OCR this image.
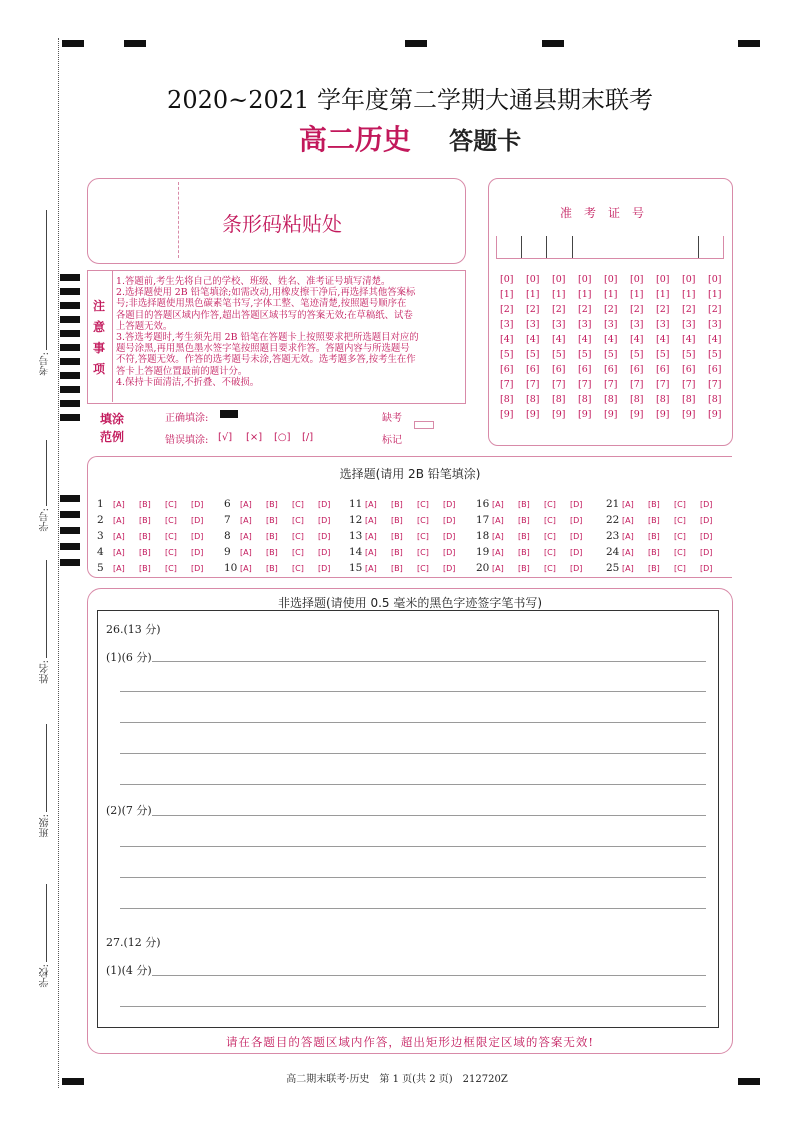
考号:
学号:
姓名:
班级:
学校:
2020~2021 学年度第二学期大通县期末联考
高二历史 答题卡
条形码粘贴处	准　考　证　号
[0] [0] [0] [0] [0] [0] [0] [0] [0]
[1] [1] [1] [1] [1] [1] [1] [1] [1]
[2] [2] [2] [2] [2] [2] [2] [2] [2]
[3] [3] [3] [3] [3] [3] [3] [3] [3]
[4] [4] [4] [4] [4] [4] [4] [4] [4]
[5] [5] [5] [5] [5] [5] [5] [5] [5]
[6] [6] [6] [6] [6] [6] [6] [6] [6]
[7] [7] [7] [7] [7] [7] [7] [7] [7]
[8] [8] [8] [8] [8] [8] [8] [8] [8]
[9] [9] [9] [9] [9] [9] [9] [9] [9]
注
意
事
项
1.答题前,考生先将自己的学校、班级、姓名、准考证号填写清楚。
2.选择题使用 2B 铅笔填涂;如需改动,用橡皮擦干净后,再选择其他答案标
号;非选择题使用黑色碳素笔书写,字体工整、笔迹清楚,按照题号顺序在
各题目的答题区域内作答,超出答题区域书写的答案无效;在草稿纸、试卷
上答题无效。
3.答选考题时,考生须先用 2B 铅笔在答题卡上按照要求把所选题目对应的
题号涂黑,再用黑色墨水签字笔按照题目要求作答。答题内容与所选题号
不符,答题无效。作答的选考题号未涂,答题无效。选考题多答,按考生在作
答卡上答题位置最前的题计分。
4.保持卡面清洁,不折叠、不破损。
填涂
范例
正确填涂:
错误填涂: [√] [×] [○] [/]
缺考
标记
选择题(请用 2B 铅笔填涂)
1 [A] [B] [C] [D]	6 [A] [B] [C] [D]	11 [A] [B] [C] [D]	16 [A] [B] [C] [D]	21 [A] [B] [C] [D]
2 [A] [B] [C] [D]	7 [A] [B] [C] [D]	12 [A] [B] [C] [D]	17 [A] [B] [C] [D]	22 [A] [B] [C] [D]
3 [A] [B] [C] [D]	8 [A] [B] [C] [D]	13 [A] [B] [C] [D]	18 [A] [B] [C] [D]	23 [A] [B] [C] [D]
4 [A] [B] [C] [D]	9 [A] [B] [C] [D]	14 [A] [B] [C] [D]	19 [A] [B] [C] [D]	24 [A] [B] [C] [D]
5 [A] [B] [C] [D]	10 [A] [B] [C] [D]	15 [A] [B] [C] [D]	20 [A] [B] [C] [D]	25 [A] [B] [C] [D]
非选择题(请使用 0.5 毫米的黑色字迹签字笔书写)
26.(13 分)
(1)(6 分)
(2)(7 分)
27.(12 分)
(1)(4 分)
请在各题目的答题区域内作答，超出矩形边框限定区域的答案无效!
高二期末联考·历史　第 1 页(共 2 页)　212720Z
